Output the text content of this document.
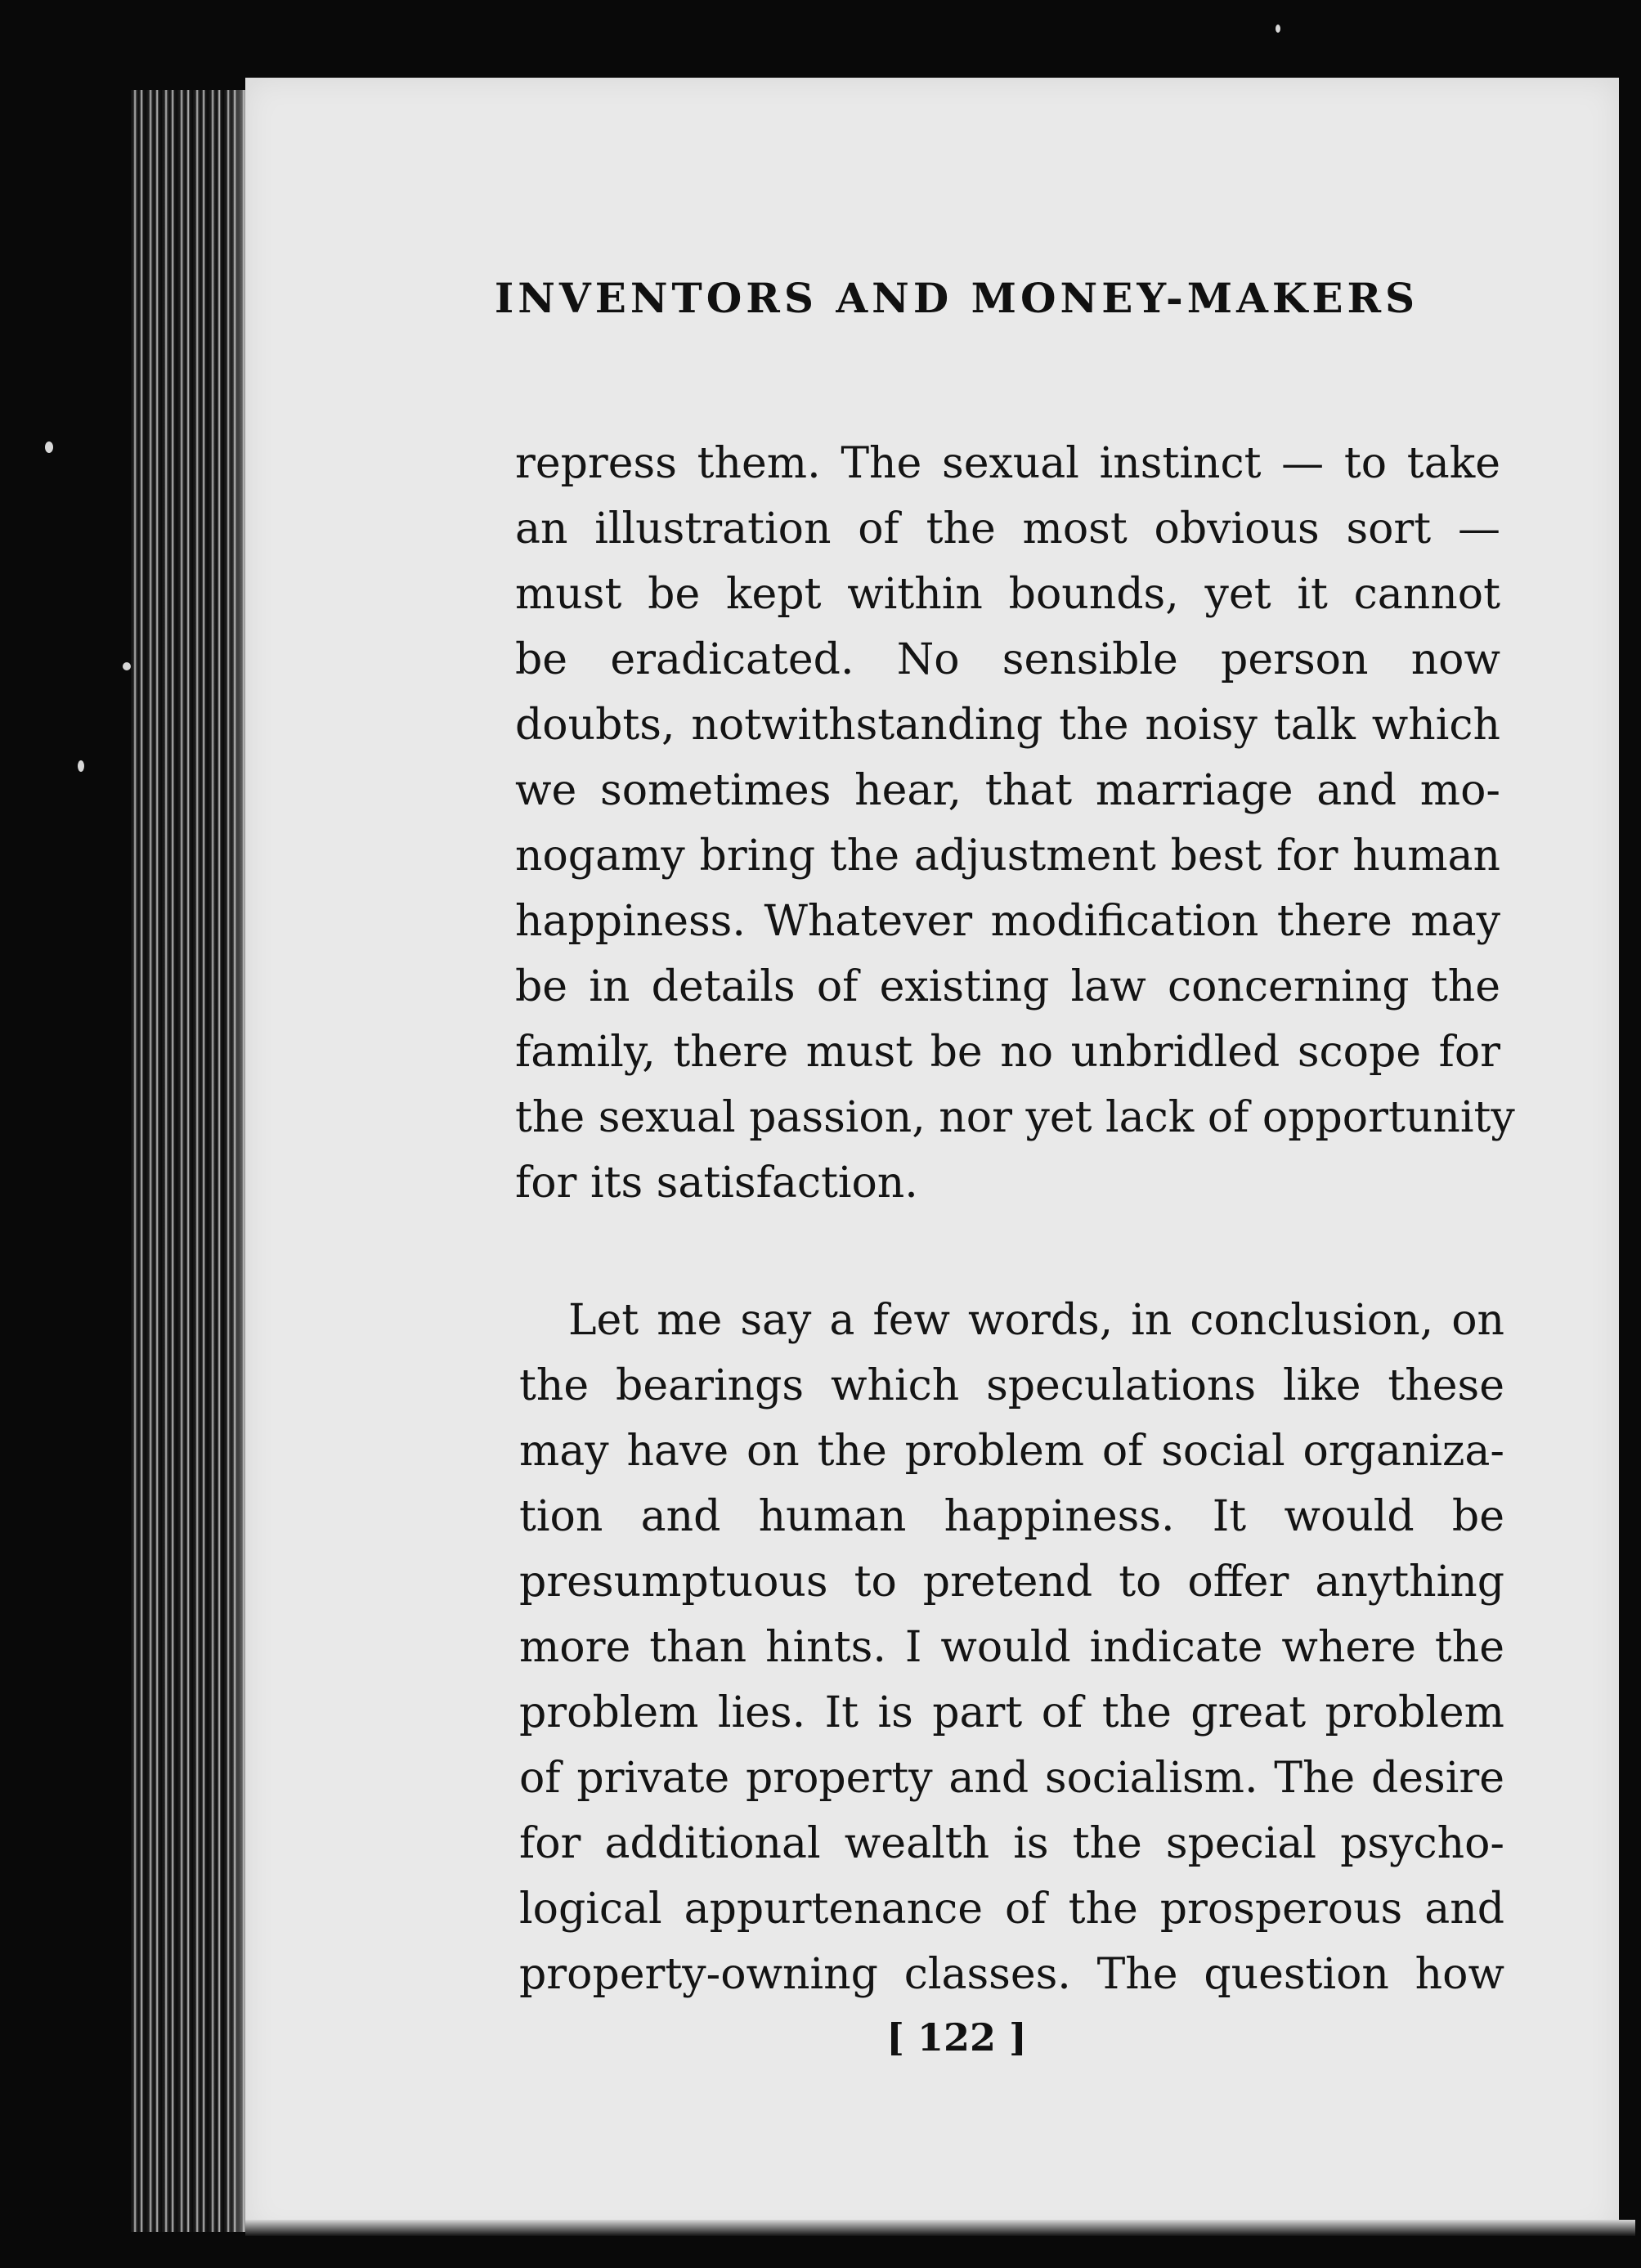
INVENTORS AND MONEY-MAKERS
repress them. The sexual instinct — to take
an illustration of the most obvious sort —
must be kept within bounds, yet it cannot
be eradicated. No sensible person now
doubts, notwithstanding the noisy talk which
we sometimes hear, that marriage and mo-
nogamy bring the adjustment best for human
happiness. Whatever modification there may
be in details of existing law concerning the
family, there must be no unbridled scope for
the sexual passion, nor yet lack of opportunity
for its satisfaction.
Let me say a few words, in conclusion, on
the bearings which speculations like these
may have on the problem of social organiza-
tion and human happiness. It would be
presumptuous to pretend to offer anything
more than hints. I would indicate where the
problem lies. It is part of the great problem
of private property and socialism. The desire
for additional wealth is the special psycho-
logical appurtenance of the prosperous and
property-owning classes. The question how
[ 122 ]
